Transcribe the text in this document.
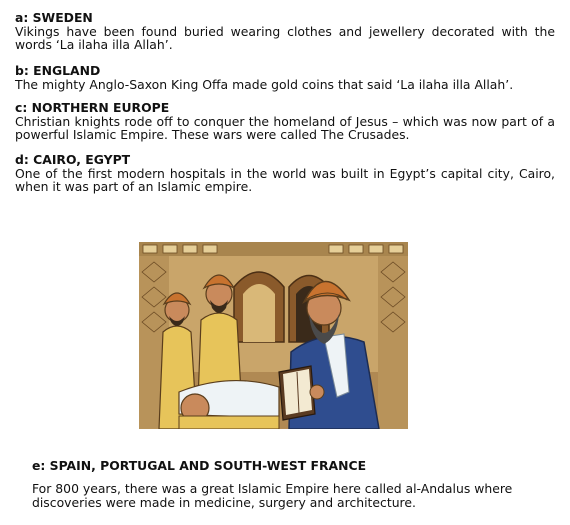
a: SWEDEN

Vikings have been found buried wearing clothes and jewellery decorated with the words ‘La ilaha illa Allah’.

b: ENGLAND

The mighty Anglo-Saxon King Offa made gold coins that said ‘La ilaha illa Allah’.

c: NORTHERN EUROPE

Christian knights rode off to conquer the homeland of Jesus – which was now part of a powerful Islamic Empire. These wars were called The Crusades.

d: CAIRO, EGYPT

One of the first modern hospitals in the world was built in Egypt’s capital city, Cairo, when it was part of an Islamic empire.

e: SPAIN, PORTUGAL AND SOUTH-WEST FRANCE

For 800 years, there was a great Islamic Empire here called al-Andalus where discoveries were made in medicine, surgery and architecture.
